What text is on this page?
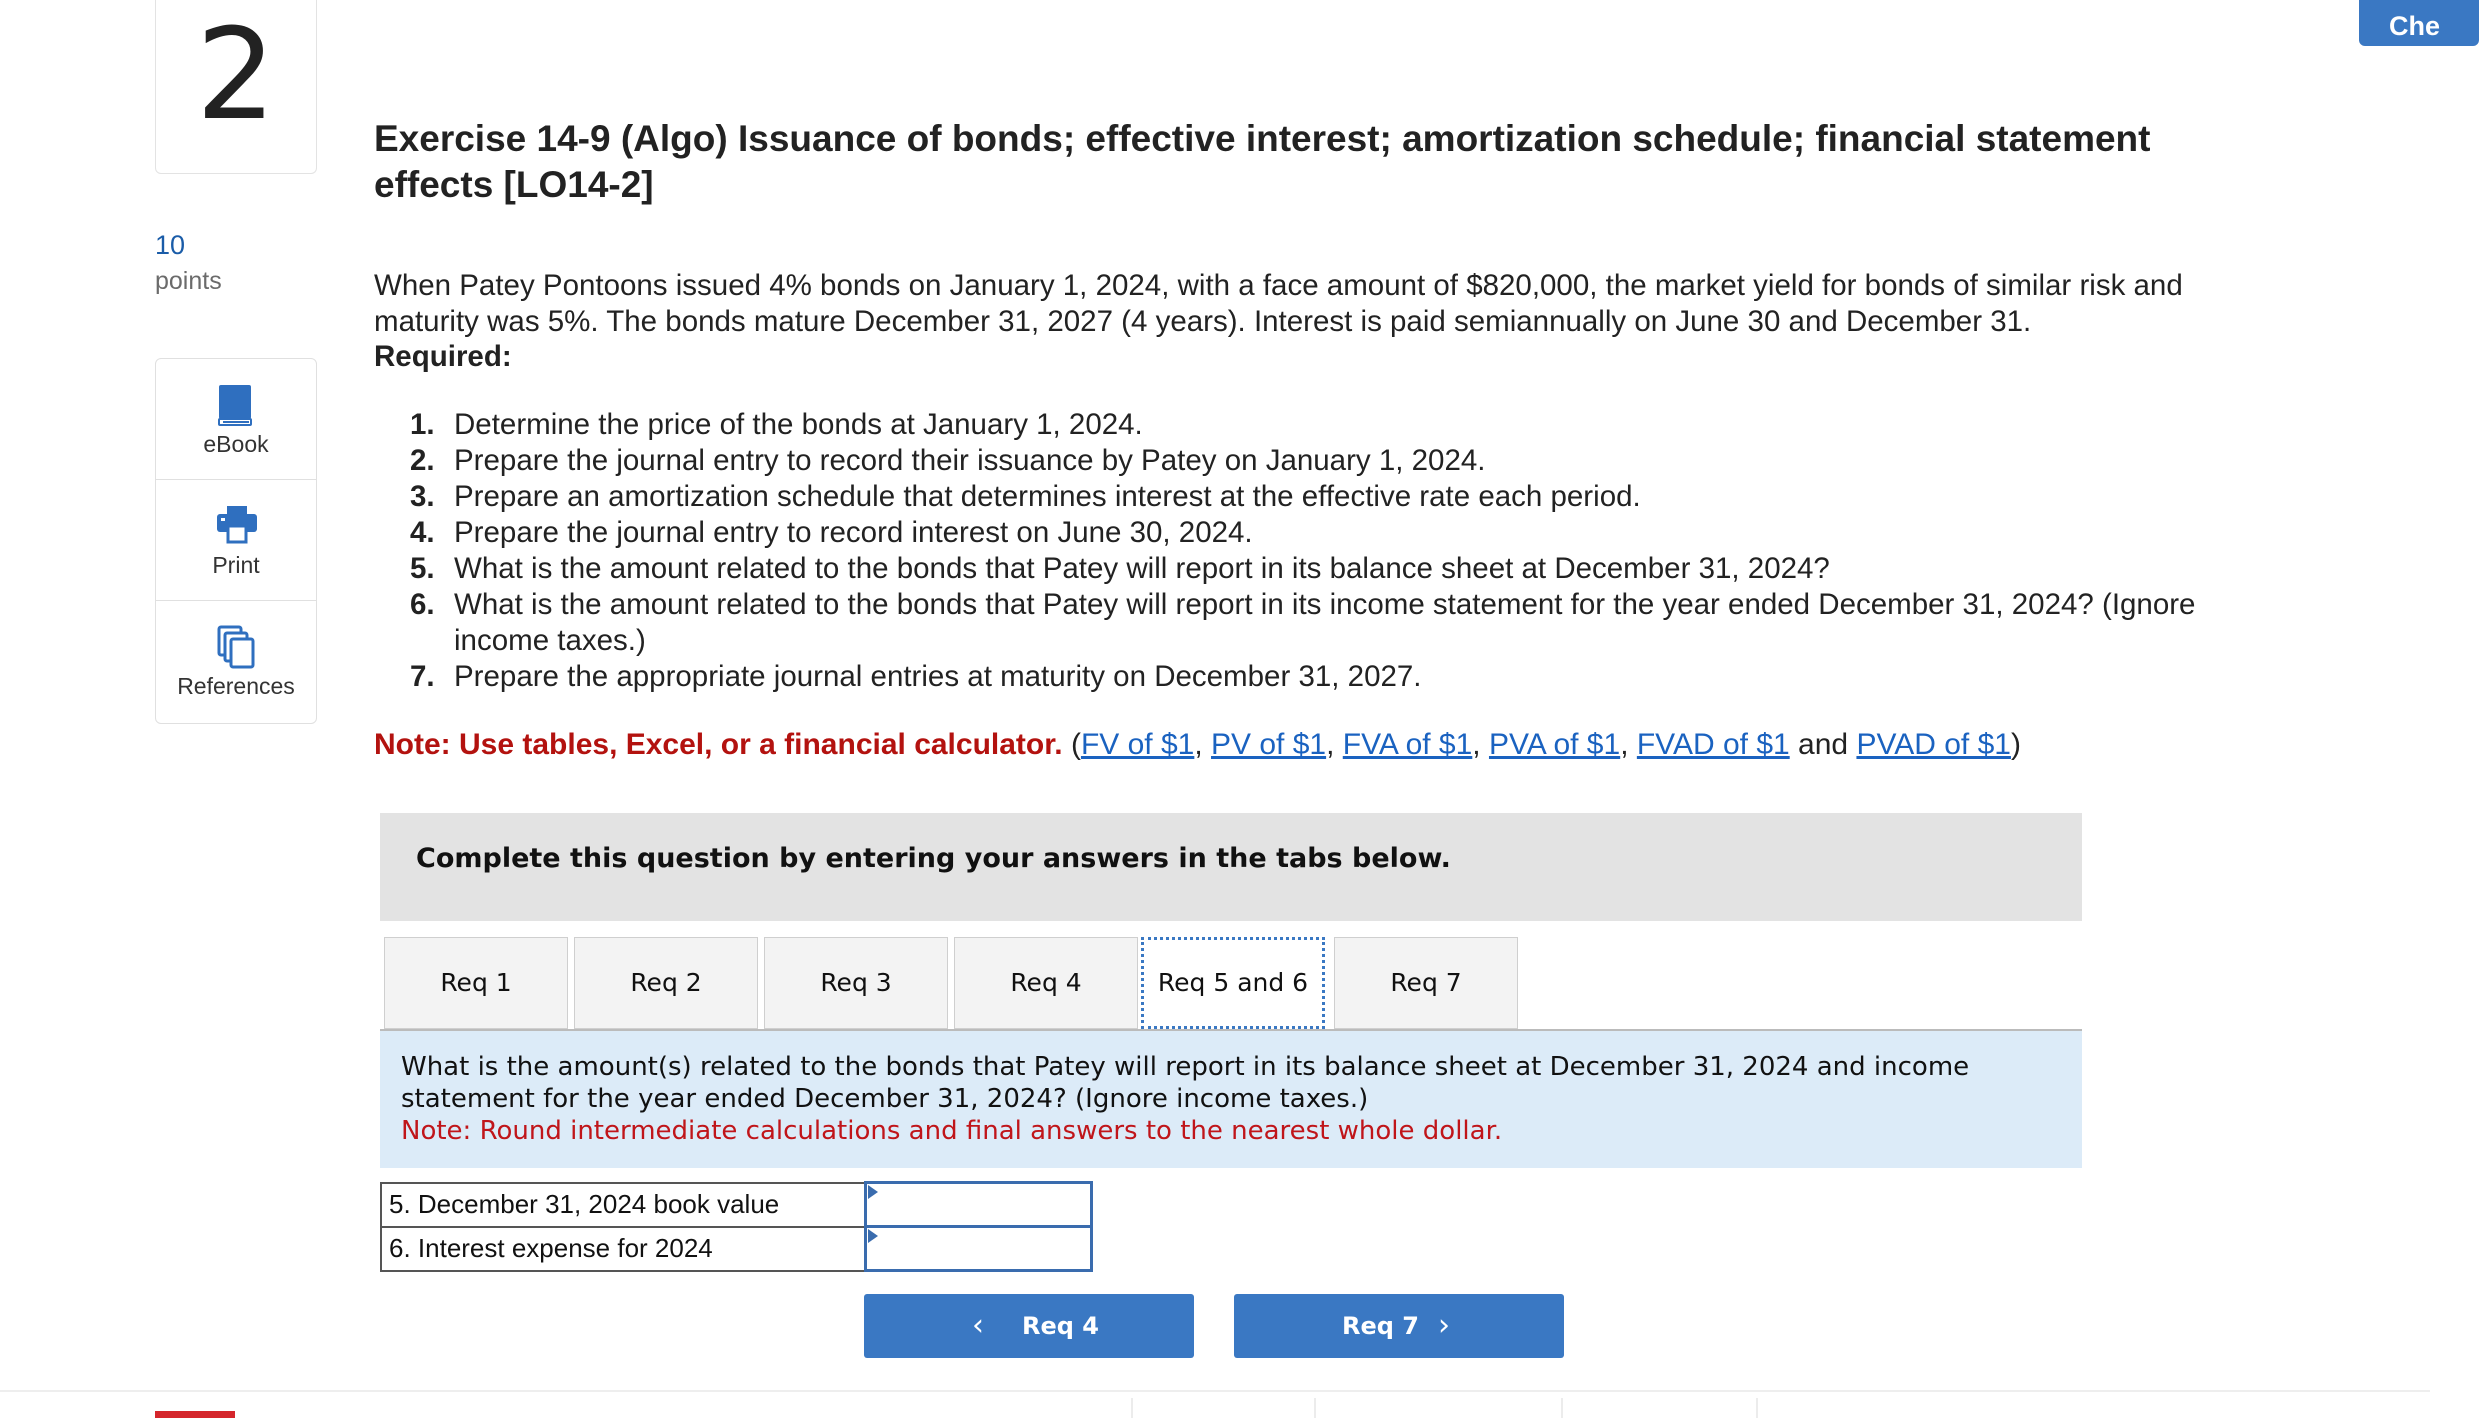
2
10
points
eBook
Print
References
Che
Exercise 14-9 (Algo) Issuance of bonds; effective interest; amortization schedule; financial statement effects [LO14-2]
When Patey Pontoons issued 4% bonds on January 1, 2024, with a face amount of $820,000, the market yield for bonds of similar risk and maturity was 5%. The bonds mature December 31, 2027 (4 years). Interest is paid semiannually on June 30 and December 31.
Required:
1. Determine the price of the bonds at January 1, 2024.
2. Prepare the journal entry to record their issuance by Patey on January 1, 2024.
3. Prepare an amortization schedule that determines interest at the effective rate each period.
4. Prepare the journal entry to record interest on June 30, 2024.
5. What is the amount related to the bonds that Patey will report in its balance sheet at December 31, 2024?
6. What is the amount related to the bonds that Patey will report in its income statement for the year ended December 31, 2024? (Ignore income taxes.)
7. Prepare the appropriate journal entries at maturity on December 31, 2027.
Note: Use tables, Excel, or a financial calculator. (FV of $1, PV of $1, FVA of $1, PVA of $1, FVAD of $1 and PVAD of $1)
Complete this question by entering your answers in the tabs below.
Req 1	Req 2	Req 3	Req 4	Req 5 and 6	Req 7
What is the amount(s) related to the bonds that Patey will report in its balance sheet at December 31, 2024 and income statement for the year ended December 31, 2024? (Ignore income taxes.)
Note: Round intermediate calculations and final answers to the nearest whole dollar.
5. December 31, 2024 book value	

6. Interest expense for 2024	
‹ Req 4	Req 7 ›
